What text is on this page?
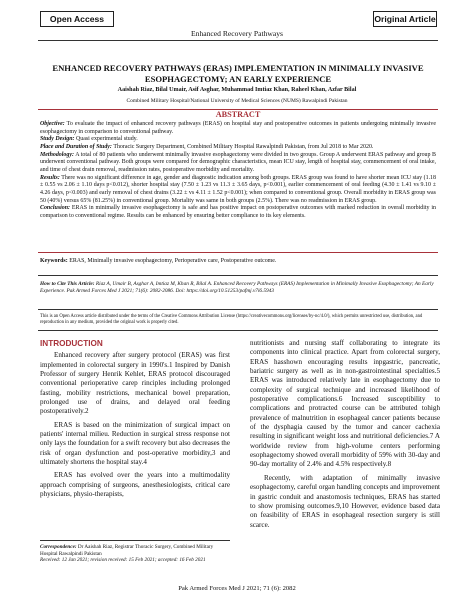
Open Access	Original Article
Enhanced Recovery Pathways
ENHANCED RECOVERY PATHWAYS (ERAS) IMPLEMENTATION IN MINIMALLY INVASIVE ESOPHAGECTOMY; AN EARLY EXPERIENCE
Aaishah Riaz, Bilal Umair, Asif Asghar, Muhammad Imtiaz Khan, Raheel Khan, Azfar Bilal
Combined Military Hospital/National University of Medical Sciences (NUMS) Rawalpindi Pakistan
ABSTRACT
Objective: To evaluate the impact of enhanced recovery pathways (ERAS) on hospital stay and postoperative outcomes in patients undergoing minimally invasive esophagectomy in comparison to conventional pathway.
Study Design: Quasi experimental study.
Place and Duration of Study: Thoracic Surgery Department, Combined Military Hospital Rawalpindi Pakistan, from Jul 2018 to Mar 2020.
Methodology: A total of 80 patients who underwent minimally invasive esophagectomy were divided in two groups. Group A underwent ERAS pathway and group B underwent conventional pathway. Both groups were compared for demographic characteristics, mean ICU stay, length of hospital stay, commencement of oral intake, and time of chest drain removal, readmission rates, postoperative morbidity and mortality.
Results: There was no significant difference in age, gender and diagnostic indication among both groups. ERAS group was found to have shorter mean ICU stay (1.18 ± 0.55 vs 2.06 ± 1.10 days p<0.012), shorter hospital stay (7.50 ± 1.23 vs 11.3 ± 3.65 days, p<0.001), earlier commencement of oral feeding (4.30 ± 1.41 vs 9.10 ± 4.26 days, p<0.003) and early removal of chest drains (3.22 ± vs 4.11 ± 1.52 p<0.001); when compared to conventional group. Overall morbidity in ERAS group was 50 (40%) versus 65% (81.25%) in conventional group. Mortality was same in both groups (2.5%). There was no readmission in ERAS group.
Conclusion: ERAS in minimally invasive esophagectomy is safe and has positive impact on postoperative outcomes with marked reduction in overall morbidity in comparison to conventional regime. Results can be enhanced by ensuring better compliance to its key elements.
Keywords: ERAS, Minimally invasive esophagectomy, Perioperative care, Postoperative outcome.
How to Cite This Article: Riaz A, Umair B, Asghar A, Imtiaz M, Khan R, Bilal A. Enhanced Recovery Pathways (ERAS) Implementation in Minimally Invasive Esophagectomy; An Early Experience. Pak Armed Forces Med J 2021; 71(6): 2082-2086. Doi: https://doi.org/10.51253/pafmj.v7i6.5943
This is an Open Access article distributed under the terms of the Creative Commons Attribution License (https://creativecommons.org/licenses/by-nc/4.0/), which permits unrestricted use, distribution, and reproduction in any medium, provided the original work is properly cited.
INTRODUCTION

Enhanced recovery after surgery protocol (ERAS) was first implemented in colorectal surgery in 1990's.1 Inspired by Danish Professor of surgery Henrik Kehlet, ERAS protocol discouraged conventional perioperative carep rinciples including prolonged fasting, mobility restrictions, mechanical bowel preparation, prolonged use of drains, and delayed oral feeding postoperatively.2

ERAS is based on the minimization of surgical impact on patients' internal milieu. Reduction in surgical stress response not only lays the foundation for a swift recovery but also decreases the risk of organ dysfunction and post-operative morbidity,3 and ultimately shortens the hospital stay.4

ERAS has evolved over the years into a multimodality approach comprising of surgeons, anesthesiologists, critical care physicians, physio-therapists,

nutritionists and nursing staff collaborating to integrate its components into clinical practice. Apart from colorectal surgery, ERAS hasshown encouraging results inpgastric, pancreatic, bariatric surgery as well as in non-gastrointestinal specialties.5 ERAS was introduced relatively late in esophagectomy due to complexity of surgical technique and increased likelihood of postoperative complications.6 Increased susceptibility to complications and protracted course can be attributed tohigh prevalence of malnutrition in esophageal cancer patients because of the dysphagia caused by the tumor and cancer cachexia resulting in significant weight loss and nutritional deficiencies.7 A worldwide review from high-volume centers performing esophagectomy showed overall morbidity of 59% with 30-day and 90-day mortality of 2.4% and 4.5% respectively.8

Recently, with adaptation of minimally invasive esophagectomy, careful organ handling concepts and improvement in gastric conduit and anastomosis techniques, ERAS has started to show promising outcomes.9,10 However, evidence based data on feasibility of ERAS in esophageal resection surgery is still scarce.

Correspondence: Dr Aaishah Riaz, Registrar Thoracic Surgery, Combined Military Hospital Rawalpindi Pakistan
Received: 12 Jan 2021; revision received: 15 Feb 2021; accepted: 16 Feb 2021
Pak Armed Forces Med J 2021; 71 (6): 2082
